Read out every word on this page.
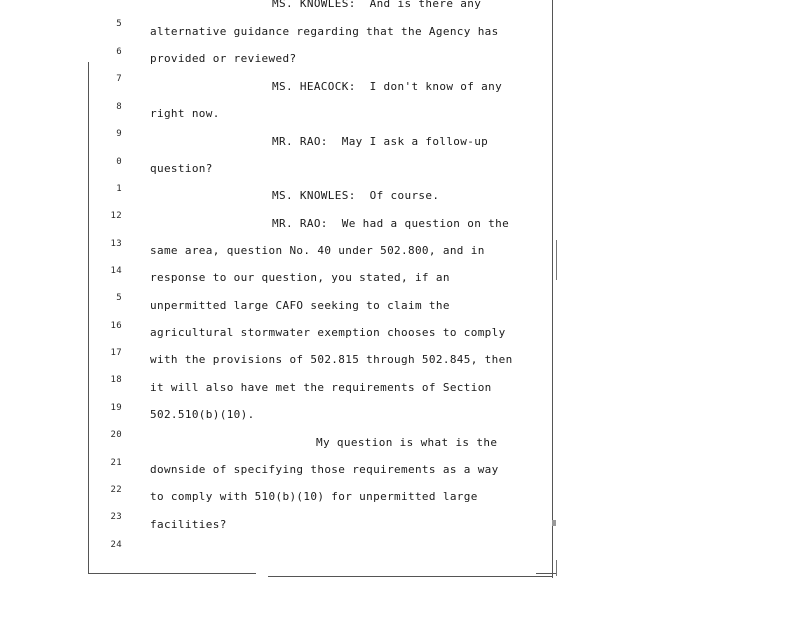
5

MS. KNOWLES:  And is there any

6

alternative guidance regarding that the Agency has

7

provided or reviewed?

8

MS. HEACOCK:  I don't know of any

9

right now.

0

MR. RAO:  May I ask a follow-up

1

question?

12

MS. KNOWLES:  Of course.

13

MR. RAO:  We had a question on the

14

same area, question No. 40 under 502.800, and in

5

response to our question, you stated, if an

16

unpermitted large CAFO seeking to claim the

17

agricultural stormwater exemption chooses to comply

18

with the provisions of 502.815 through 502.845, then

19

it will also have met the requirements of Section

20

502.510(b)(10).

21

My question is what is the

22

downside of specifying those requirements as a way

23

to comply with 510(b)(10) for unpermitted large

24

facilities?
